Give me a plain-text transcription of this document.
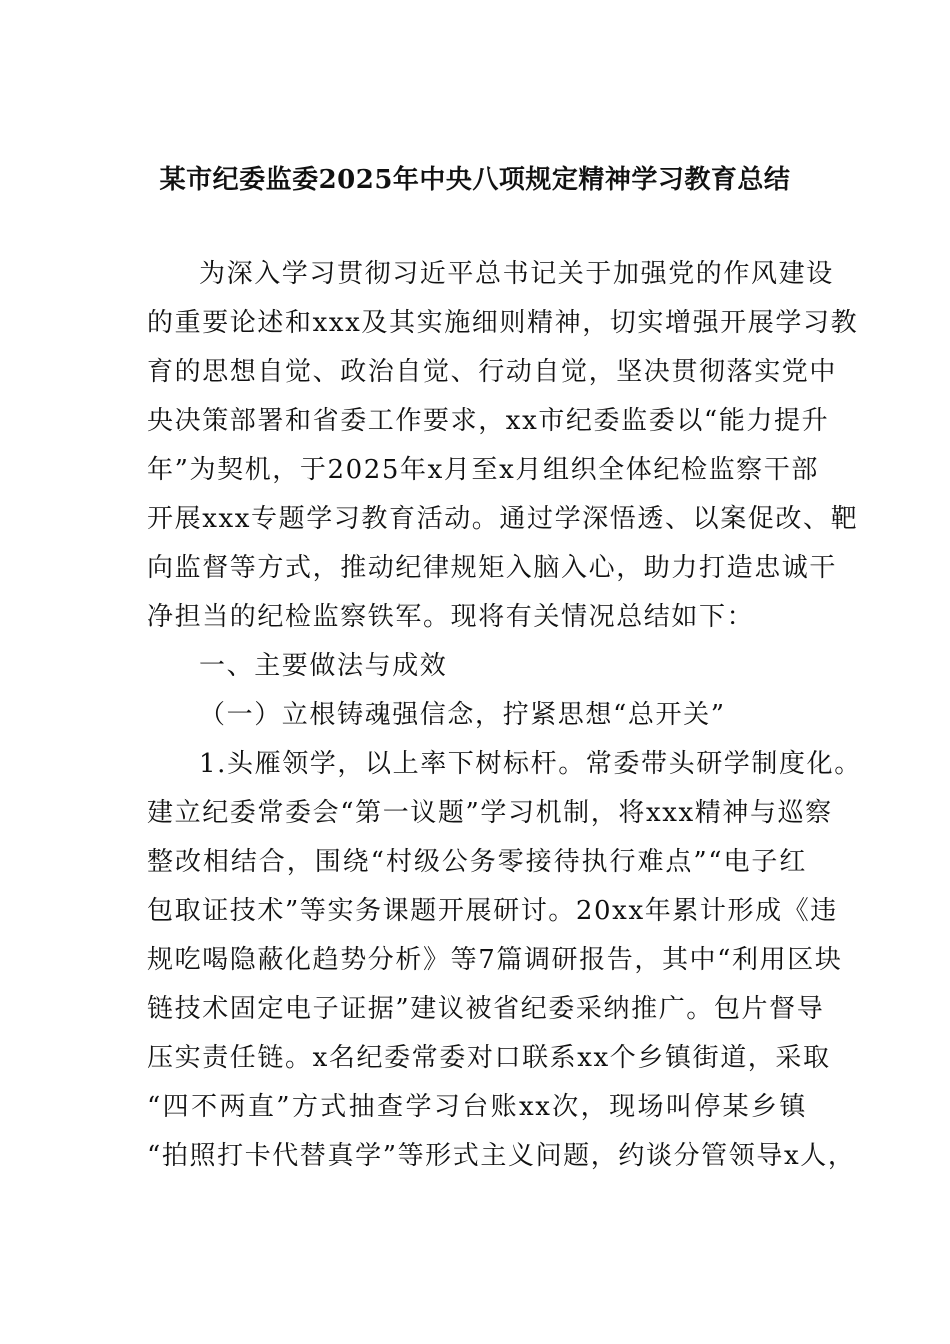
某市纪委监委2025年中央八项规定精神学习教育总结
为深入学习贯彻习近平总书记关于加强党的作风建设
的重要论述和xxx及其实施细则精神，切实增强开展学习教
育的思想自觉、政治自觉、行动自觉，坚决贯彻落实党中
央决策部署和省委工作要求，xx市纪委监委以“能力提升
年”为契机，于2025年x月至x月组织全体纪检监察干部
开展xxx专题学习教育活动。通过学深悟透、以案促改、靶
向监督等方式，推动纪律规矩入脑入心，助力打造忠诚干
净担当的纪检监察铁军。现将有关情况总结如下：
一、主要做法与成效
（一）立根铸魂强信念，拧紧思想“总开关”
1.头雁领学，以上率下树标杆。常委带头研学制度化。
建立纪委常委会“第一议题”学习机制，将xxx精神与巡察
整改相结合，围绕“村级公务零接待执行难点”“电子红
包取证技术”等实务课题开展研讨。20xx年累计形成《违
规吃喝隐蔽化趋势分析》等7篇调研报告，其中“利用区块
链技术固定电子证据”建议被省纪委采纳推广。包片督导
压实责任链。x名纪委常委对口联系xx个乡镇街道，采取
“四不两直”方式抽查学习台账xx次，现场叫停某乡镇
“拍照打卡代替真学”等形式主义问题，约谈分管领导x人，
